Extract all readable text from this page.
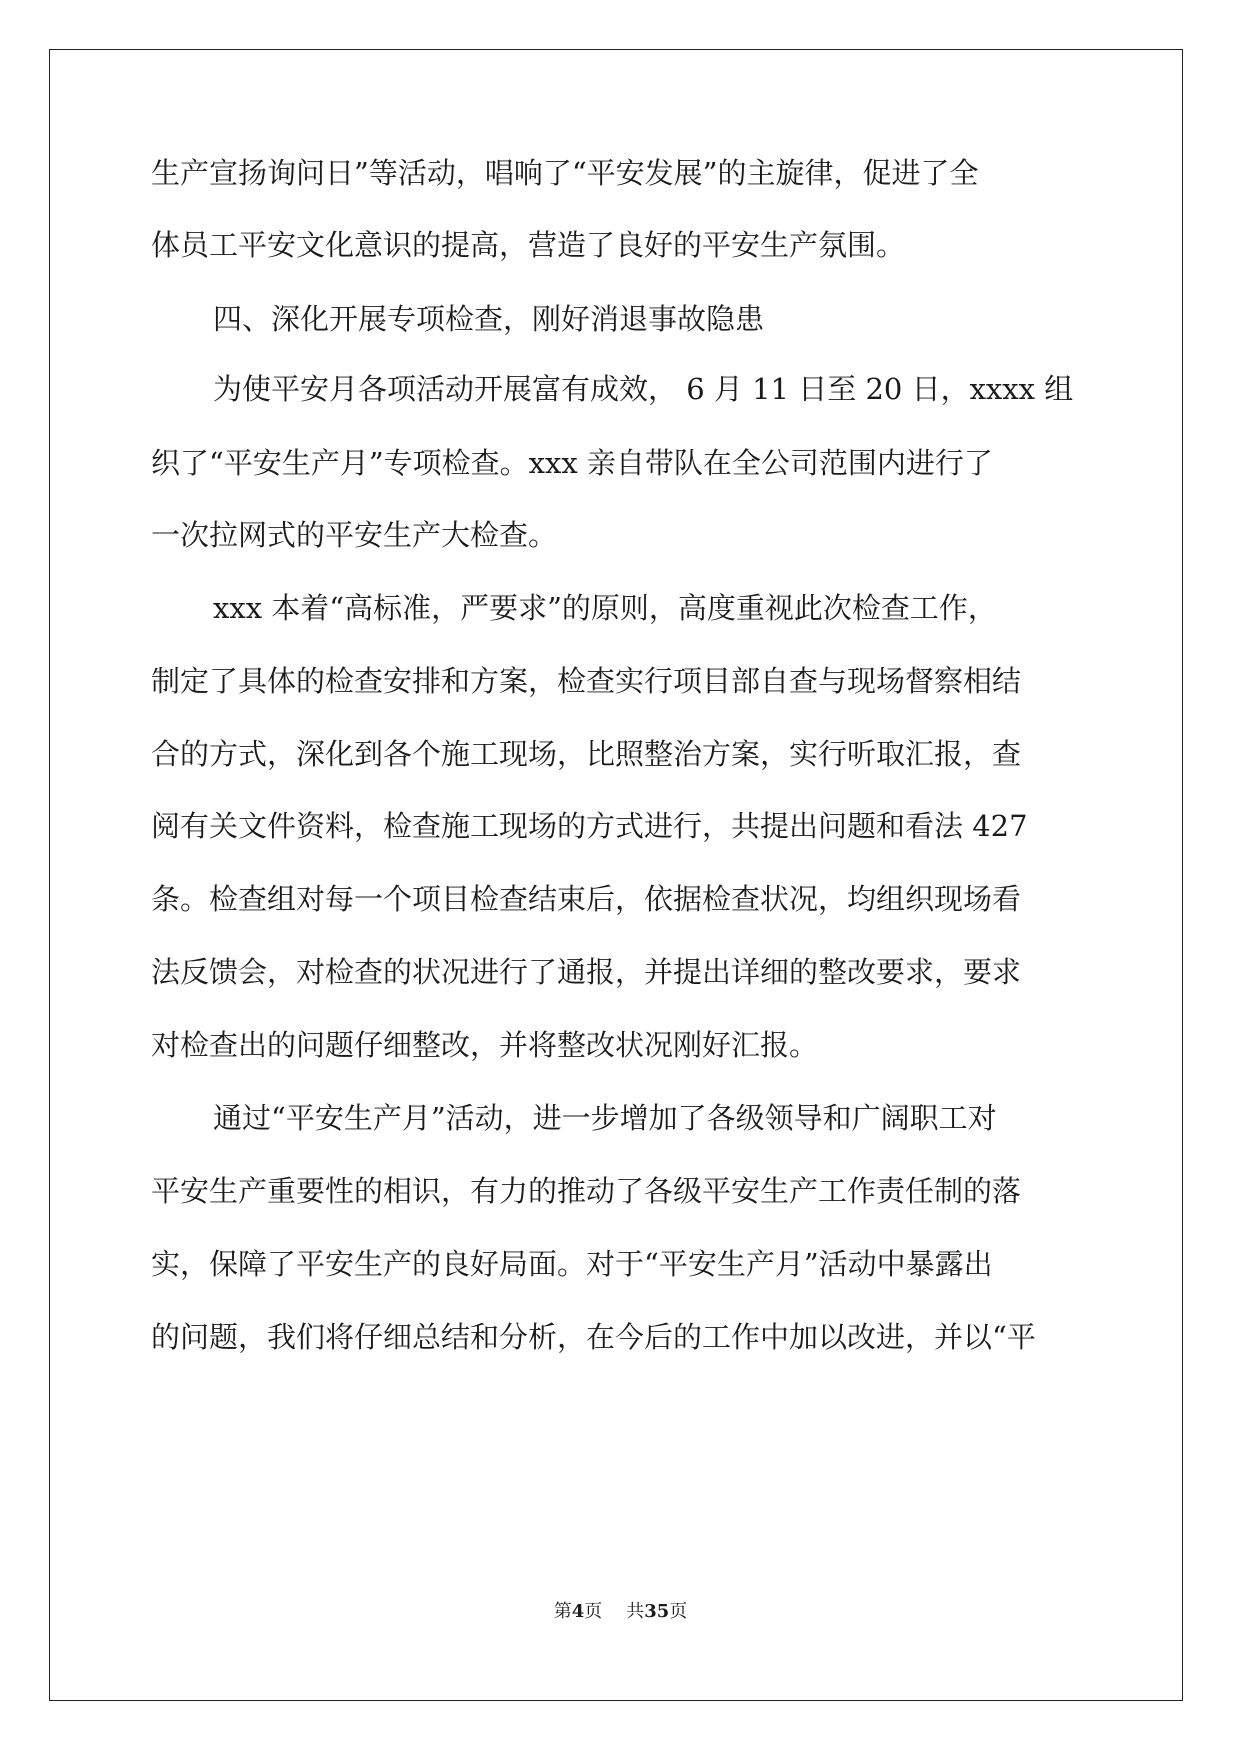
生产宣扬询问日”等活动，唱响了“平安发展”的主旋律，促进了全
体员工平安文化意识的提高，营造了良好的平安生产氛围。
四、深化开展专项检查，刚好消退事故隐患
为使平安月各项活动开展富有成效， 6 月 11 日至 20 日，xxxx 组
织了“平安生产月”专项检查。xxx 亲自带队在全公司范围内进行了
一次拉网式的平安生产大检查。
xxx 本着“高标准，严要求”的原则，高度重视此次检查工作，
制定了具体的检查安排和方案，检查实行项目部自查与现场督察相结
合的方式，深化到各个施工现场，比照整治方案，实行听取汇报，查
阅有关文件资料，检查施工现场的方式进行，共提出问题和看法 427
条。检查组对每一个项目检查结束后，依据检查状况，均组织现场看
法反馈会，对检查的状况进行了通报，并提出详细的整改要求，要求
对检查出的问题仔细整改，并将整改状况刚好汇报。
通过“平安生产月”活动，进一步增加了各级领导和广阔职工对
平安生产重要性的相识，有力的推动了各级平安生产工作责任制的落
实，保障了平安生产的良好局面。对于“平安生产月”活动中暴露出
的问题，我们将仔细总结和分析，在今后的工作中加以改进，并以“平
第4页 共35页
